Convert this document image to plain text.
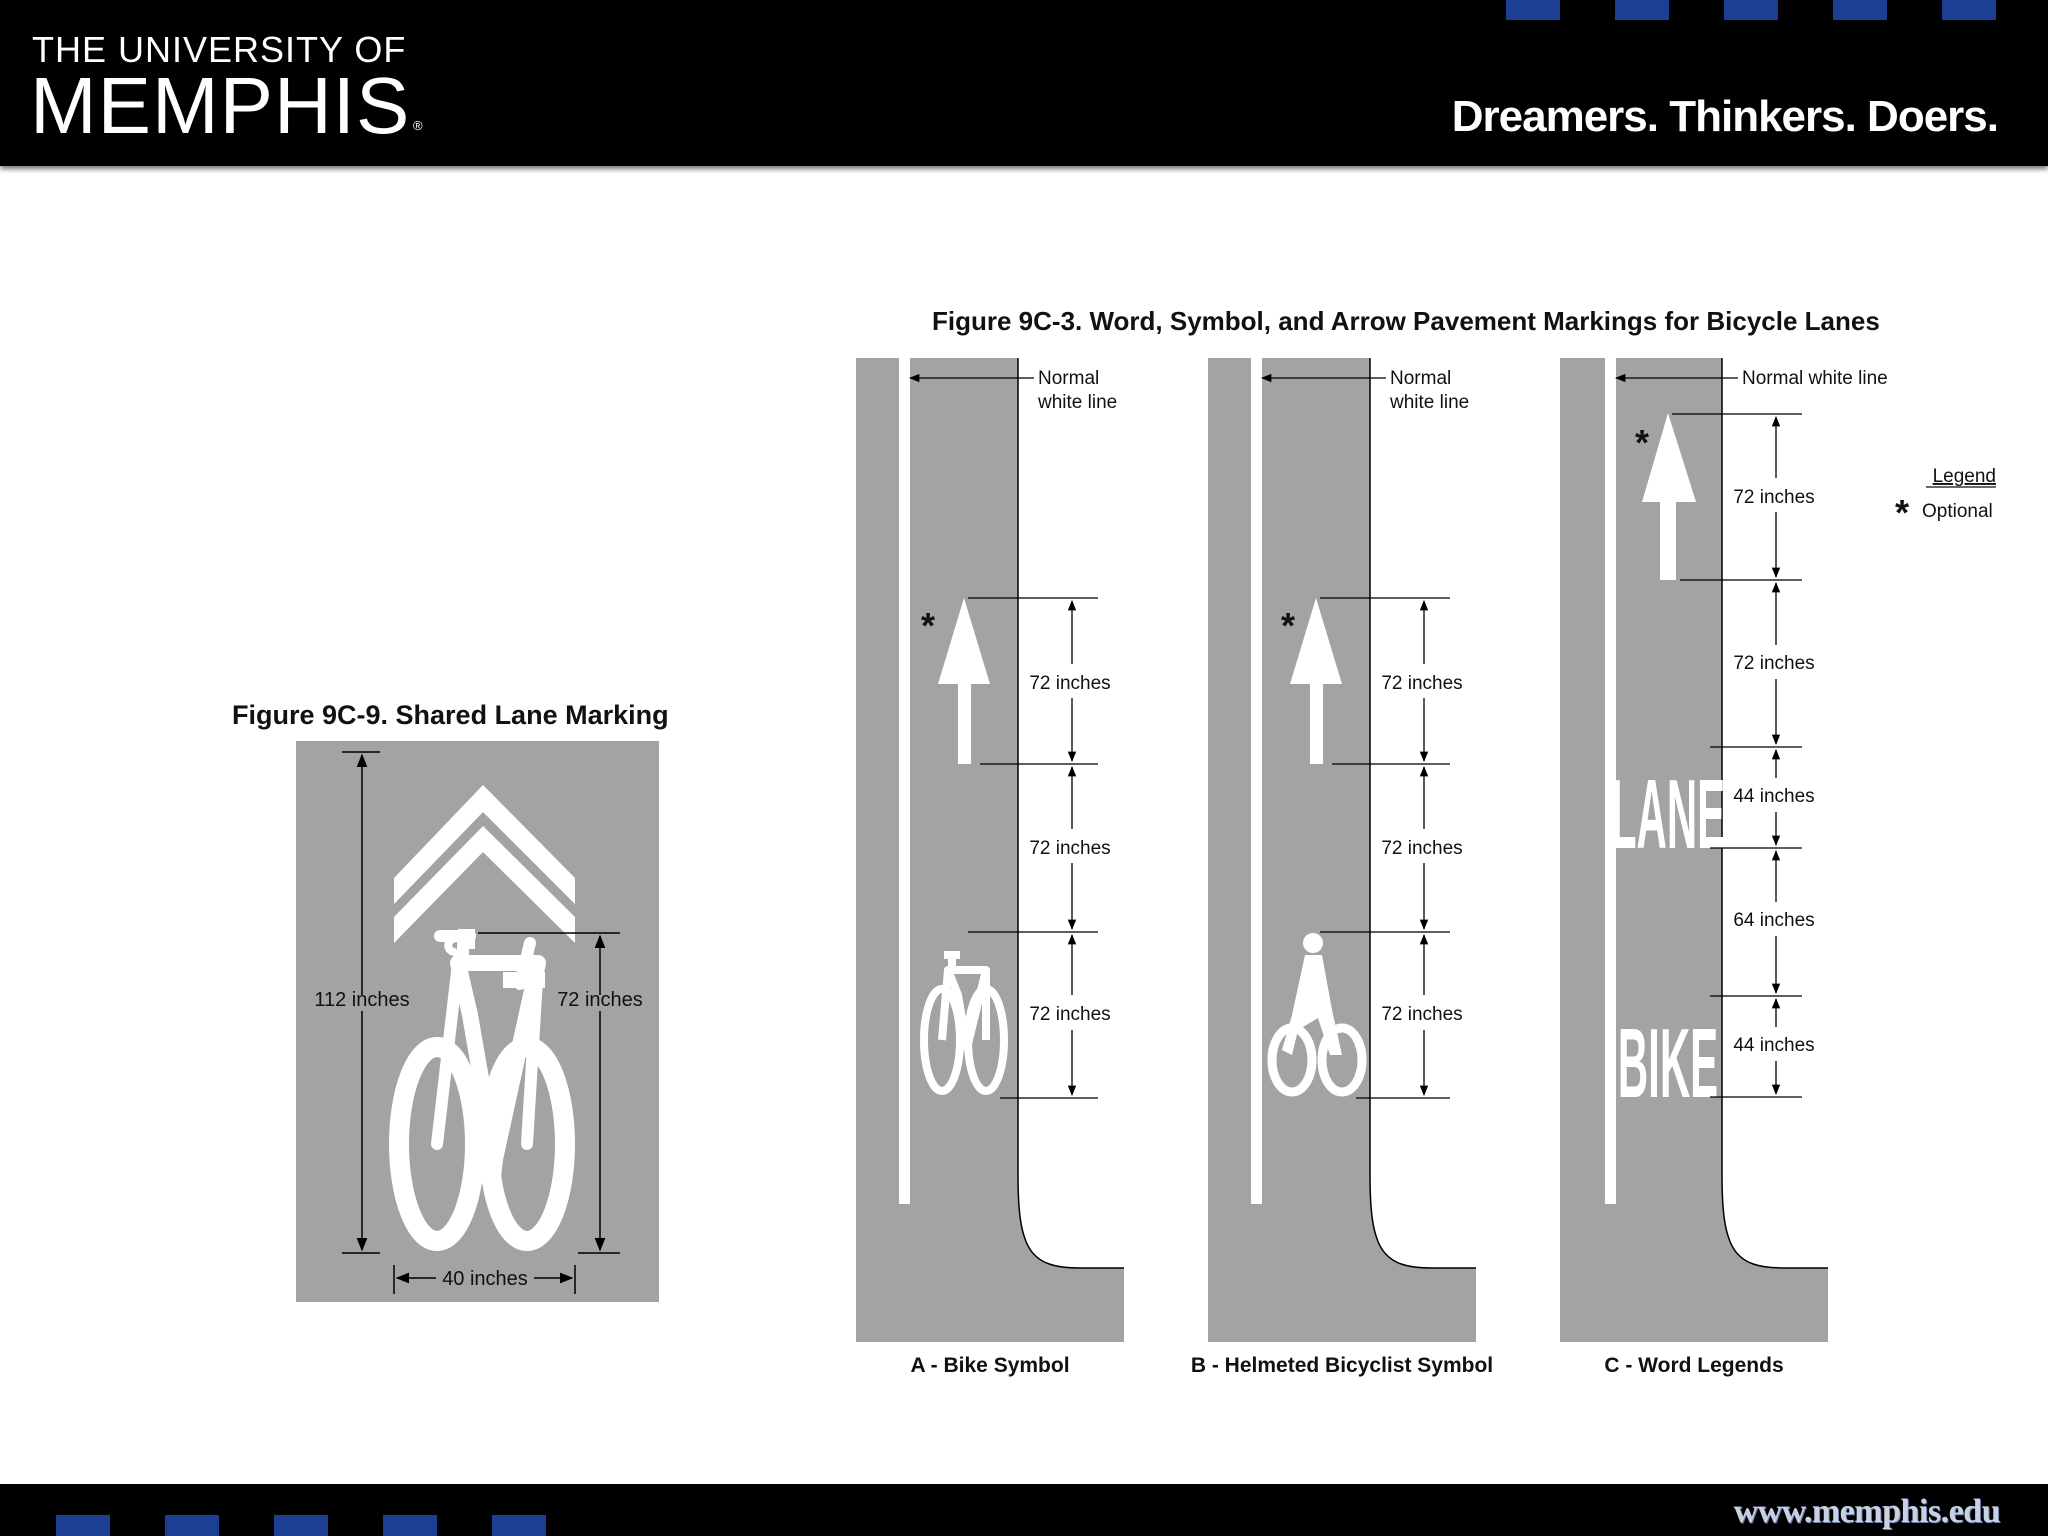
THE UNIVERSITY OF
MEMPHIS ®	Dreamers. Thinkers. Doers.
Figure 9C-9. Shared Lane Marking
Figure 9C-3. Word, Symbol, and Arrow Pavement Markings for Bicycle Lanes
112 inches	72 inches
40 inches
*
Normal white line
72 inches
72 inches
72 inches
A - Bike Symbol
*
Normal white line
72 inches
72 inches
72 inches
B - Helmeted Bicyclist Symbol
*
LANE
BIKE
Normal white line
72 inches
72 inches
44 inches
64 inches
44 inches
C - Word Legends
Legend
* Optional
www.memphis.edu
